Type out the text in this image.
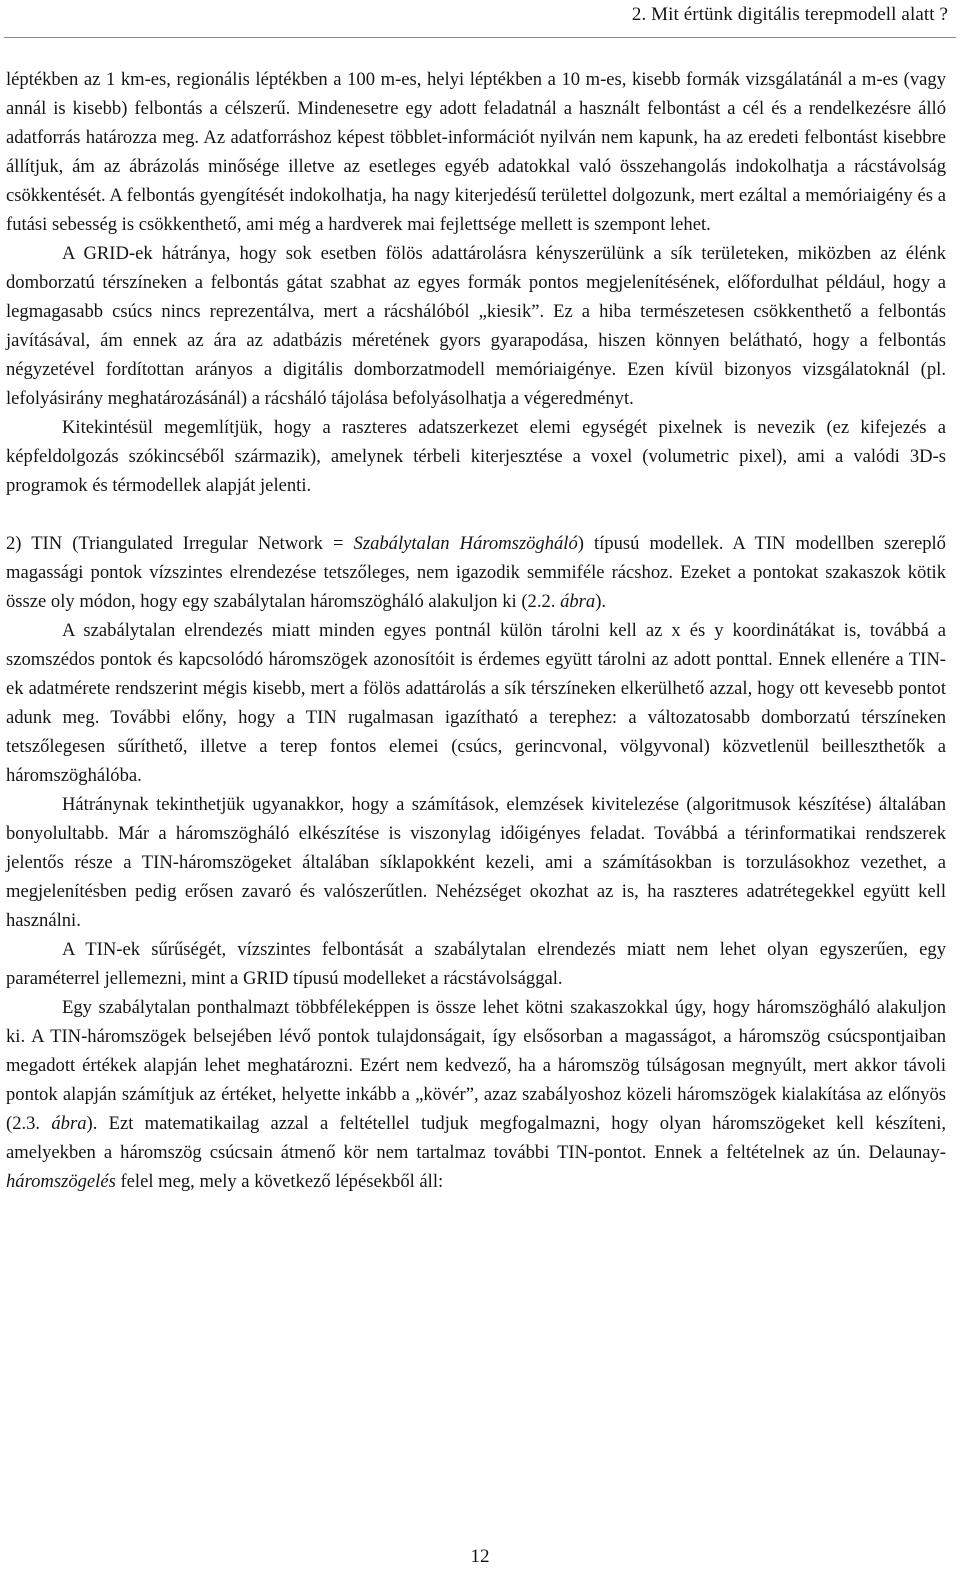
2. Mit értünk digitális terepmodell alatt ?

léptékben az 1 km-es, regionális léptékben a 100 m-es, helyi léptékben a 10 m-es, kisebb formák vizsgálatánál a m-es (vagy annál is kisebb) felbontás a célszerű. Mindenesetre egy adott feladatnál a használt felbontást a cél és a rendelkezésre álló adatforrás határozza meg. Az adatforráshoz képest többlet-információt nyilván nem kapunk, ha az eredeti felbontást kisebbre állítjuk, ám az ábrázolás minősége illetve az esetleges egyéb adatokkal való összehangolás indokolhatja a rácstávolság csökkentését. A felbontás gyengítését indokolhatja, ha nagy kiterjedésű területtel dolgozunk, mert ezáltal a memóriaigény és a futási sebesség is csökkenthető, ami még a hardverek mai fejlettsége mellett is szempont lehet.

A GRID-ek hátránya, hogy sok esetben fölös adattárolásra kényszerülünk a sík területeken, miközben az élénk domborzatú térszíneken a felbontás gátat szabhat az egyes formák pontos megjelenítésének, előfordulhat például, hogy a legmagasabb csúcs nincs reprezentálva, mert a rácshálóból „kiesik”. Ez a hiba természetesen csökkenthető a felbontás javításával, ám ennek az ára az adatbázis méretének gyors gyarapodása, hiszen könnyen belátható, hogy a felbontás négyzetével fordítottan arányos a digitális domborzatmodell memóriaigénye. Ezen kívül bizonyos vizsgálatoknál (pl. lefolyásirány meghatározásánál) a rácsháló tájolása befolyásolhatja a végeredményt.

Kitekintésül megemlítjük, hogy a raszteres adatszerkezet elemi egységét pixelnek is nevezik (ez kifejezés a képfeldolgozás szókincséből származik), amelynek térbeli kiterjesztése a voxel (volumetric pixel), ami a valódi 3D-s programok és térmodellek alapját jelenti.

2) TIN (Triangulated Irregular Network = Szabálytalan Háromszögháló) típusú modellek. A TIN modellben szereplő magassági pontok vízszintes elrendezése tetszőleges, nem igazodik semmiféle rácshoz. Ezeket a pontokat szakaszok kötik össze oly módon, hogy egy szabálytalan háromszögháló alakuljon ki (2.2. ábra).

A szabálytalan elrendezés miatt minden egyes pontnál külön tárolni kell az x és y koordinátákat is, továbbá a szomszédos pontok és kapcsolódó háromszögek azonosítóit is érdemes együtt tárolni az adott ponttal. Ennek ellenére a TIN-ek adatmérete rendszerint mégis kisebb, mert a fölös adattárolás a sík térszíneken elkerülhető azzal, hogy ott kevesebb pontot adunk meg. További előny, hogy a TIN rugalmasan igazítható a terephez: a változatosabb domborzatú térszíneken tetszőlegesen sűríthető, illetve a terep fontos elemei (csúcs, gerincvonal, völgyvonal) közvetlenül beilleszthetők a háromszöghálóba.

Hátránynak tekinthetjük ugyanakkor, hogy a számítások, elemzések kivitelezése (algoritmusok készítése) általában bonyolultabb. Már a háromszögháló elkészítése is viszonylag időigényes feladat. Továbbá a térinformatikai rendszerek jelentős része a TIN-háromszögeket általában síklapokként kezeli, ami a számításokban is torzulásokhoz vezethet, a megjelenítésben pedig erősen zavaró és valószerűtlen. Nehézséget okozhat az is, ha raszteres adatrétegekkel együtt kell használni.

A TIN-ek sűrűségét, vízszintes felbontását a szabálytalan elrendezés miatt nem lehet olyan egyszerűen, egy paraméterrel jellemezni, mint a GRID típusú modelleket a rácstávolsággal.

Egy szabálytalan ponthalmazt többféleképpen is össze lehet kötni szakaszokkal úgy, hogy háromszögháló alakuljon ki. A TIN-háromszögek belsejében lévő pontok tulajdonságait, így elsősorban a magasságot, a háromszög csúcspontjaiban megadott értékek alapján lehet meghatározni. Ezért nem kedvező, ha a háromszög túlságosan megnyúlt, mert akkor távoli pontok alapján számítjuk az értéket, helyette inkább a „kövér”, azaz szabályoshoz közeli háromszögek kialakítása az előnyös (2.3. ábra). Ezt matematikailag azzal a feltétellel tudjuk megfogalmazni, hogy olyan háromszögeket kell készíteni, amelyekben a háromszög csúcsain átmenő kör nem tartalmaz további TIN-pontot. Ennek a feltételnek az ún. Delaunay-háromszögelés felel meg, mely a következő lépésekből áll:

12
